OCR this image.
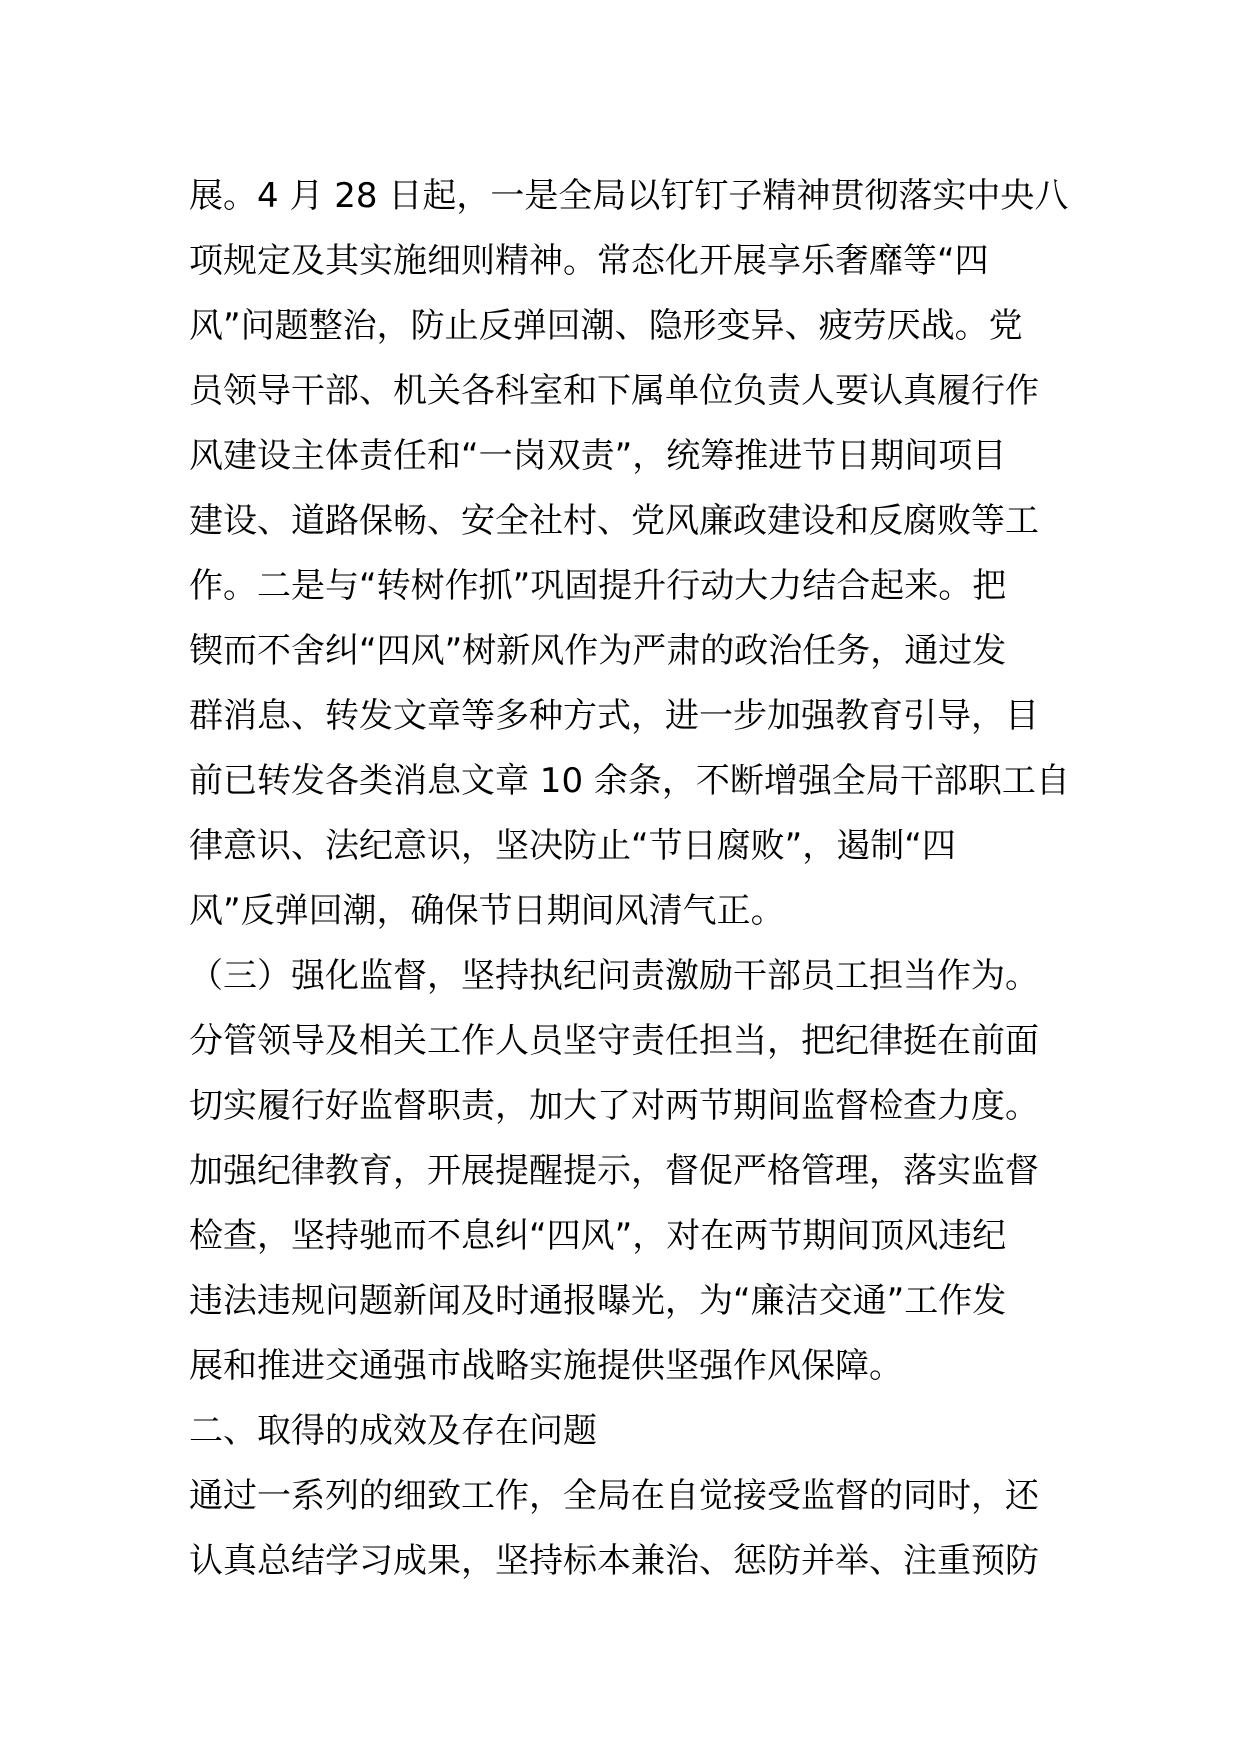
展。4 月 28 日起，一是全局以钉钉子精神贯彻落实中央八

项规定及其实施细则精神。常态化开展享乐奢靡等“四

风”问题整治，防止反弹回潮、隐形变异、疲劳厌战。党

员领导干部、机关各科室和下属单位负责人要认真履行作

风建设主体责任和“一岗双责”，统筹推进节日期间项目

建设、道路保畅、安全社村、党风廉政建设和反腐败等工

作。二是与“转树作抓”巩固提升行动大力结合起来。把

锲而不舍纠“四风”树新风作为严肃的政治任务，通过发

群消息、转发文章等多种方式，进一步加强教育引导，目

前已转发各类消息文章 10 余条，不断增强全局干部职工自

律意识、法纪意识，坚决防止“节日腐败”，遏制“四

风”反弹回潮，确保节日期间风清气正。

（三）强化监督，坚持执纪问责激励干部员工担当作为。

分管领导及相关工作人员坚守责任担当，把纪律挺在前面

切实履行好监督职责，加大了对两节期间监督检查力度。

加强纪律教育，开展提醒提示，督促严格管理，落实监督

检查，坚持驰而不息纠“四风”，对在两节期间顶风违纪

违法违规问题新闻及时通报曝光，为“廉洁交通”工作发

展和推进交通强市战略实施提供坚强作风保障。

二、取得的成效及存在问题

通过一系列的细致工作，全局在自觉接受监督的同时，还

认真总结学习成果，坚持标本兼治、惩防并举、注重预防
